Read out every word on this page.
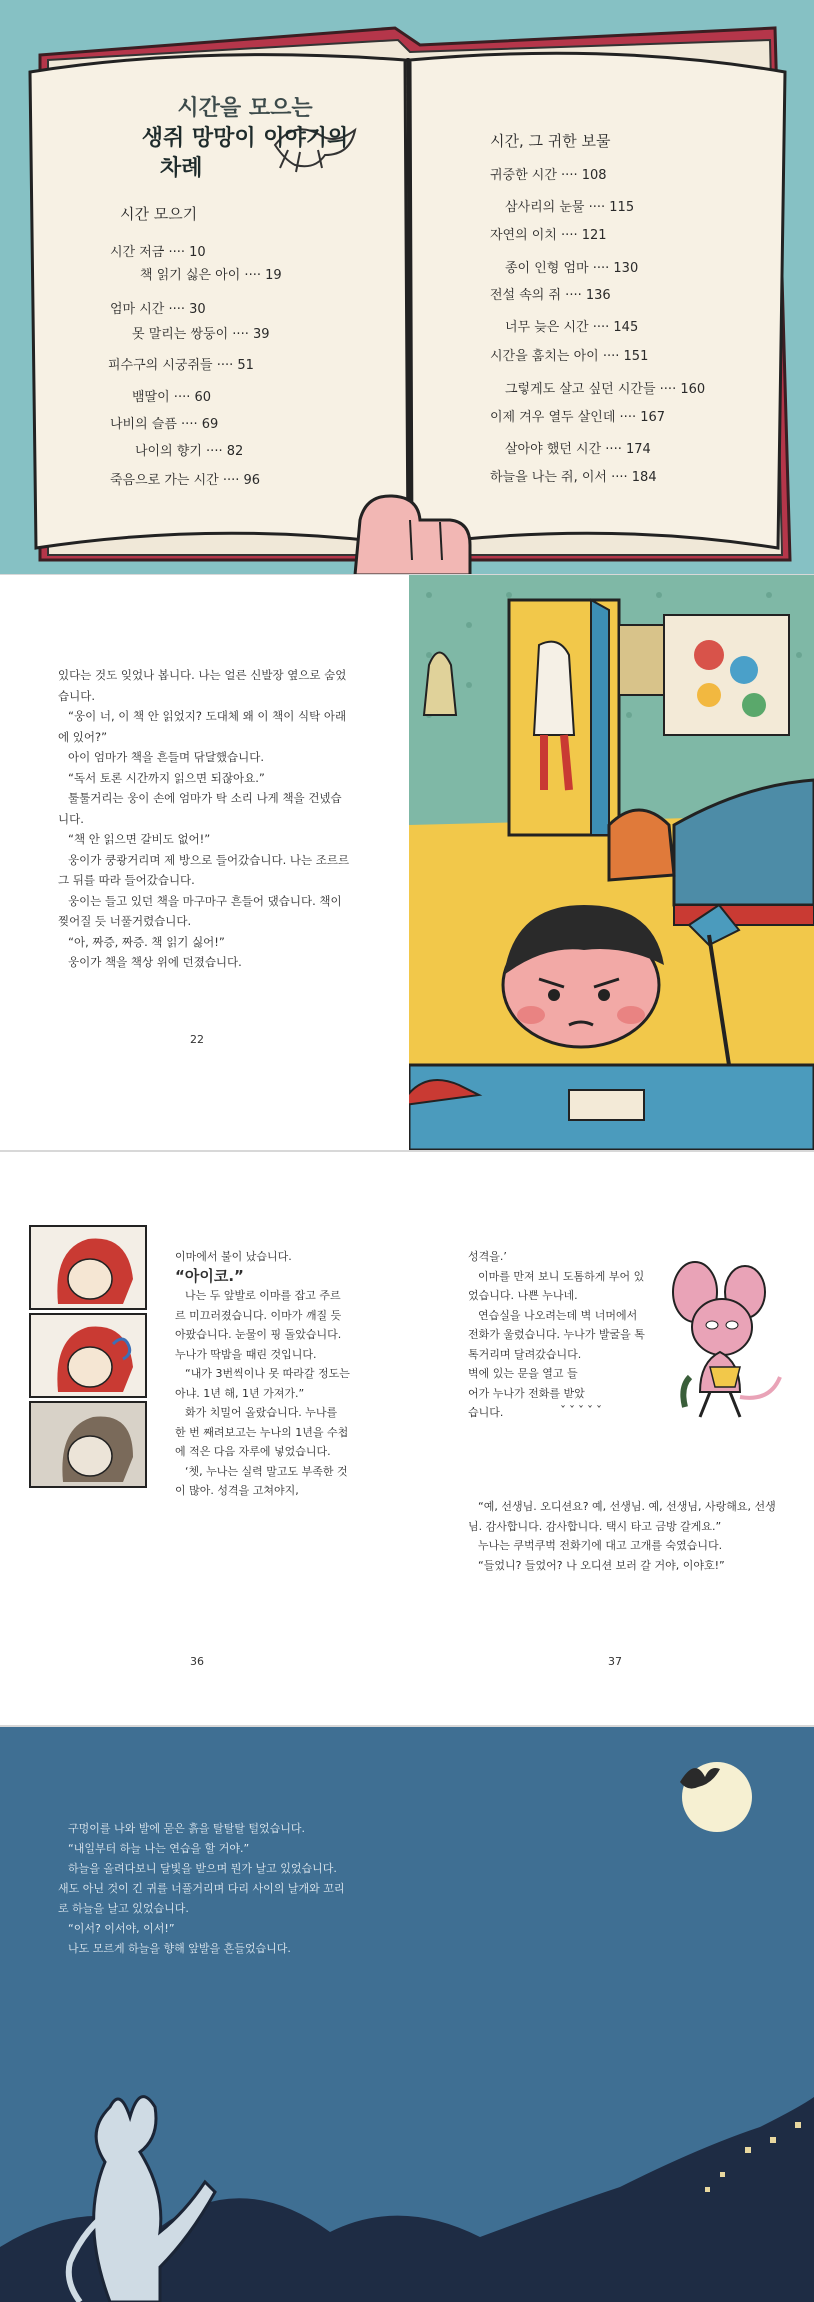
시간을 모으는
생쥐 망망이 이야기의
차례
시간 모으기
시간 저금 ···· 10
책 읽기 싫은 아이 ···· 19
엄마 시간 ···· 30
못 말리는 쌍둥이 ···· 39
피수구의 시궁쥐들 ···· 51
뱀딸이 ···· 60
나비의 슬픔 ···· 69
나이의 향기 ···· 82
죽음으로 가는 시간 ···· 96
시간, 그 귀한 보물
귀중한 시간 ···· 108
삼사리의 눈물 ···· 115
자연의 이치 ···· 121
종이 인형 엄마 ···· 130
전설 속의 쥐 ···· 136
너무 늦은 시간 ···· 145
시간을 훔치는 아이 ···· 151
그렇게도 살고 싶던 시간들 ···· 160
이제 겨우 열두 살인데 ···· 167
살아야 했던 시간 ···· 174
하늘을 나는 쥐, 이서 ···· 184

있다는 것도 잊었나 봅니다. 나는 얼른 신발장 옆으로 숨었습니다.

“웅이 너, 이 책 안 읽었지? 도대체 왜 이 책이 식탁 아래에 있어?”

아이 엄마가 책을 흔들며 닦달했습니다.

“독서 토론 시간까지 읽으면 되잖아요.”

툴툴거리는 웅이 손에 엄마가 탁 소리 나게 책을 건넸습니다.

“책 안 읽으면 갈비도 없어!”

웅이가 쿵쾅거리며 제 방으로 들어갔습니다. 나는 조르르 그 뒤를 따라 들어갔습니다.

웅이는 들고 있던 책을 마구마구 흔들어 댔습니다. 책이 찢어질 듯 너풀거렸습니다.

“아, 짜증, 짜증. 책 읽기 싫어!”

웅이가 책을 책상 위에 던졌습니다.

22

이마에서 불이 났습니다.

“아이코.”

나는 두 앞발로 이마를 잡고 주르르 미끄러졌습니다. 이마가 깨질 듯 아팠습니다. 눈물이 핑 돌았습니다. 누나가 딱밤을 때린 것입니다.

“내가 3번씩이나 못 따라갈 정도는 아냐. 1년 해, 1년 가져가.”

화가 치밀어 올랐습니다. 누나를 한 번 째려보고는 누나의 1년을 수첩에 적은 다음 자루에 넣었습니다.

‘쳇, 누나는 실력 말고도 부족한 것이 많아. 성격을 고쳐야지,

성격을.’

이마를 만져 보니 도톰하게 부어 있었습니다. 나쁜 누나네.

연습실을 나오려는데 벽 너머에서 전화가 울렸습니다. 누나가 발굴을 톡톡거리며 달려갔습니다.

벽에 있는 문을 열고 들어가 누나가 전화를 받았습니다.

“예, 선생님. 오디션요? 예, 선생님. 예, 선생님, 사랑해요, 선생님. 감사합니다. 감사합니다. 택시 타고 금방 갈게요.”

누나는 쿠벅쿠벅 전화기에 대고 고개를 숙였습니다.

“들었니? 들었어? 나 오디션 보러 갈 거야, 이야호!”

ˇˇˇˇˇ
36	37

구멍이를 나와 발에 묻은 흙을 탈탈탈 털었습니다.

“내일부터 하늘 나는 연습을 할 거야.”

하늘을 올려다보니 달빛을 받으며 뭔가 날고 있었습니다. 새도 아닌 것이 긴 귀를 너풀거리며 다리 사이의 날개와 꼬리로 하늘을 날고 있었습니다.

“이서? 이서야, 이서!”

나도 모르게 하늘을 향해 앞발을 흔들었습니다.
